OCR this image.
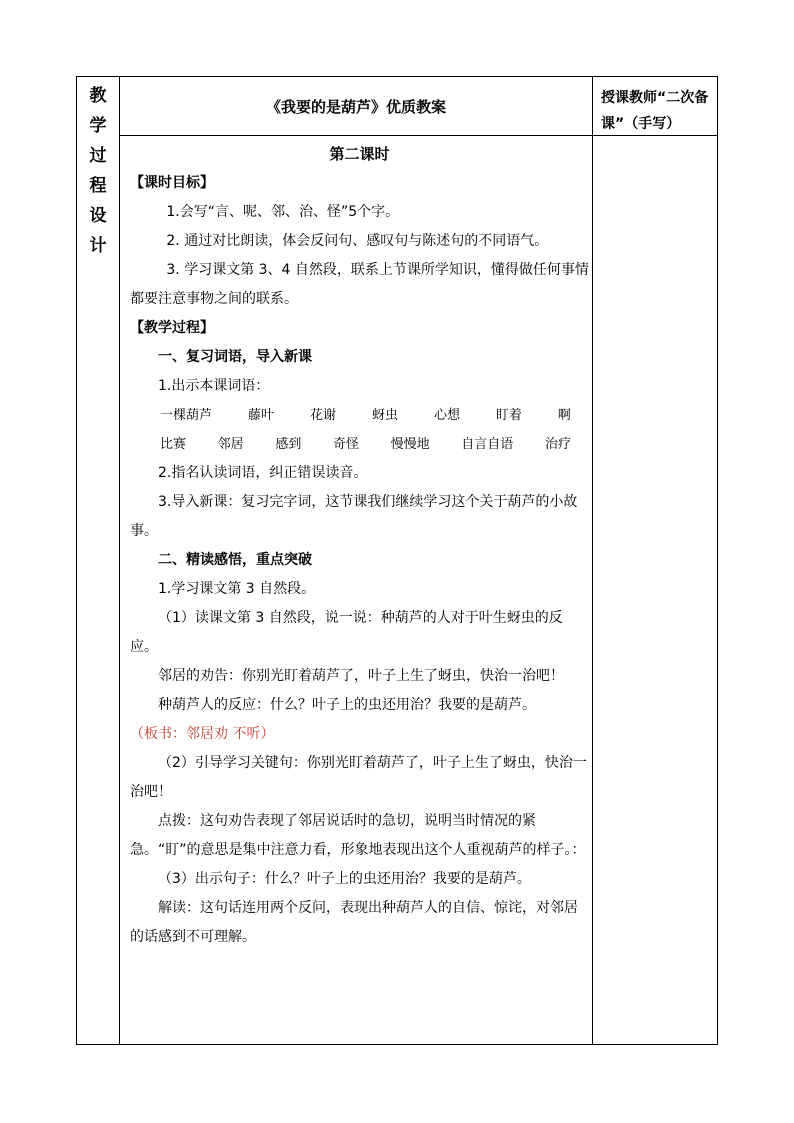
教
学
过
程
设
计
《我要的是葫芦》优质教案	授课教师“二次备课”（手写）

第二课时

【课时目标】

1.会写“言、呢、邻、治、怪”5个字。

2. 通过对比朗读，体会反问句、感叹句与陈述句的不同语气。

3. 学习课文第 3、4 自然段，联系上节课所学知识，懂得做任何事情都要注意事物之间的联系。

【教学过程】

一、复习词语，导入新课

1.出示本课词语：

一棵葫芦	藤叶	花谢	蚜虫	心想	盯着	啊
比赛 邻居 感到 奇怪 慢慢地 自言自语 治疗

2.指名认读词语，纠正错误读音。

3.导入新课：复习完字词，这节课我们继续学习这个关于葫芦的小故事。

二、精读感悟，重点突破

1.学习课文第 3 自然段。

（1）读课文第 3 自然段，说一说：种葫芦的人对于叶生蚜虫的反应。

邻居的劝告：你别光盯着葫芦了，叶子上生了蚜虫，快治一治吧！

种葫芦人的反应：什么？叶子上的虫还用治？我要的是葫芦。

（板书：邻居劝 不听）

（2）引导学习关键句：你别光盯着葫芦了，叶子上生了蚜虫，快治一治吧！

点拨：这句劝告表现了邻居说话时的急切，说明当时情况的紧急。“盯”的意思是集中注意力看，形象地表现出这个人重视葫芦的样子。：

（3）出示句子：什么？叶子上的虫还用治？我要的是葫芦。

解读：这句话连用两个反问，表现出种葫芦人的自信、惊诧，对邻居的话感到不可理解。
